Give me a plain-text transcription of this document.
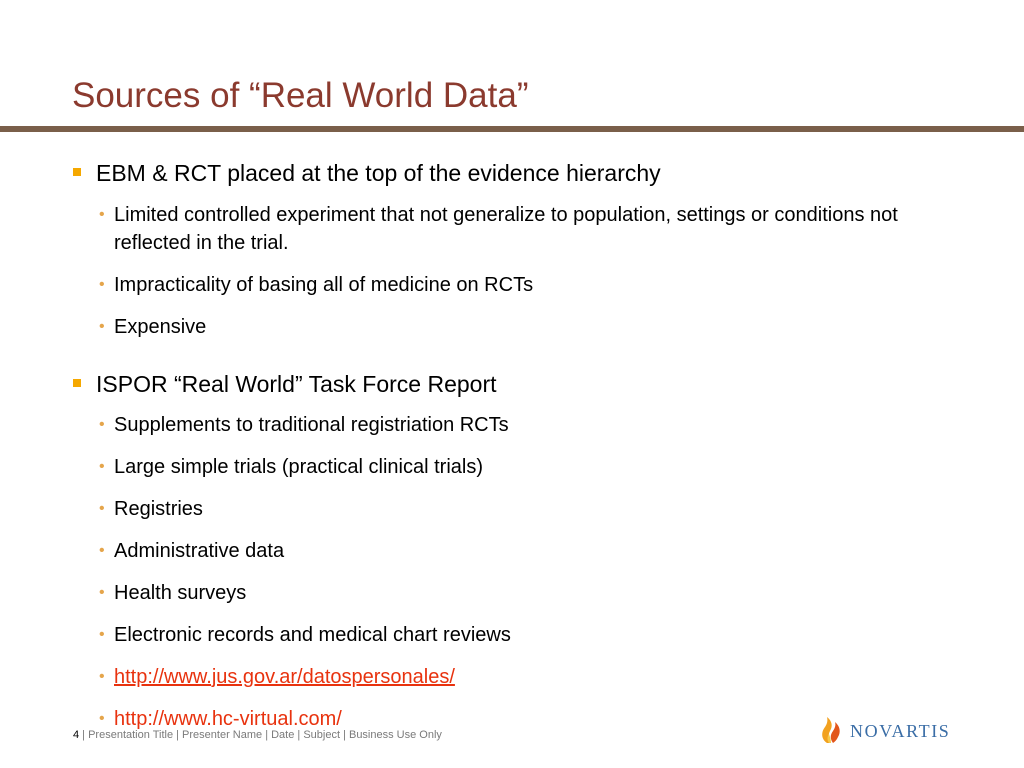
Sources of “Real World Data”
EBM & RCT placed at the top of the evidence hierarchy
• Limited controlled experiment that not generalize to population, settings or conditions not reflected in the trial.
• Impracticality of basing all of medicine on RCTs
• Expensive
ISPOR “Real World” Task Force Report
• Supplements to traditional registriation RCTs
• Large simple trials (practical clinical trials)
• Registries
• Administrative data
• Health surveys
• Electronic records and medical chart reviews
• http://www.jus.gov.ar/datospersonales/
• http://www.hc-virtual.com/
4 | Presentation Title | Presenter Name | Date | Subject | Business Use Only	NOVARTIS
